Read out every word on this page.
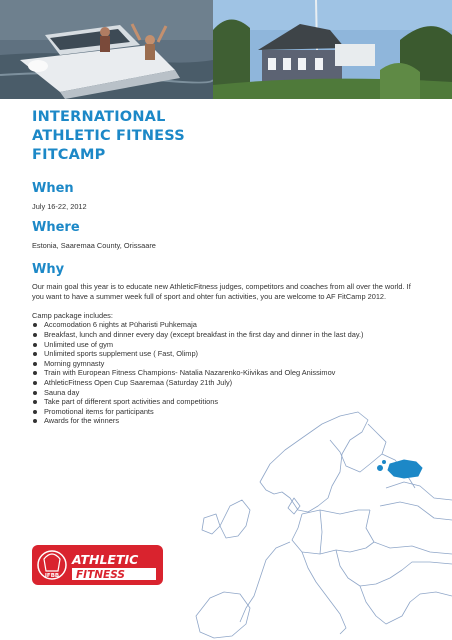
INTERNATIONAL
ATHLETIC FITNESS
FITCAMP
When

July 16-22, 2012

Where

Estonia, Saaremaa County, Orissaare

Why

Our main goal this year is to educate new AthleticFitness judges, competitors and coaches from all over the world. If you want to have a summer week full of sport and ohter fun activities, you are welcome to AF FitCamp 2012.

Camp package includes:
Accomodation 6 nights at Püharisti Puhkemaja
Breakfast, lunch and dinner every day (except breakfast in the first day and dinner in the last day.)
Unlimited use of gym
Unlimited sports supplement use ( Fast, Olimp)
Morning gymnasty
Train with European Fitness Champions- Natalia Nazarenko-Kiivikas and Oleg Anissimov
AthleticFitness Open Cup Saaremaa (Saturday 21th July)
Sauna day
Take part of different sport activities and competitions
Promotional items for participants
Awards for the winners
IFBB
ATHLETIC
FITNESS
